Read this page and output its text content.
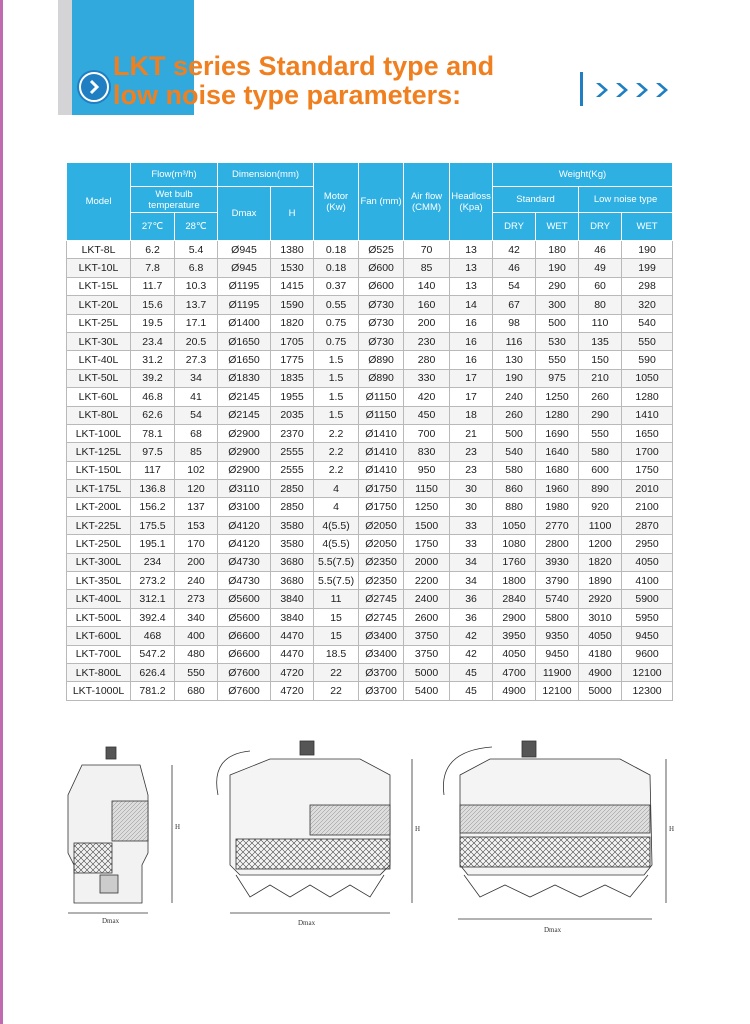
LKT series Standard type and
low noise type parameters:
Model	Flow(m³/h)		Dimension(mm)		Motor (Kw)	Fan (mm)	Air flow (CMM)	Headloss (Kpa)	Weight(Kg)			
	Wet bulb temperature		Dmax	H					Standard		Low noise type	
	27℃	28℃							DRY	WET	DRY	WET
LKT-8L	6.2	5.4	Ø945	1380	0.18	Ø525	70	13	42	180	46	190
LKT-10L	7.8	6.8	Ø945	1530	0.18	Ø600	85	13	46	190	49	199
LKT-15L	11.7	10.3	Ø1195	1415	0.37	Ø600	140	13	54	290	60	298
LKT-20L	15.6	13.7	Ø1195	1590	0.55	Ø730	160	14	67	300	80	320
LKT-25L	19.5	17.1	Ø1400	1820	0.75	Ø730	200	16	98	500	110	540
LKT-30L	23.4	20.5	Ø1650	1705	0.75	Ø730	230	16	116	530	135	550
LKT-40L	31.2	27.3	Ø1650	1775	1.5	Ø890	280	16	130	550	150	590
LKT-50L	39.2	34	Ø1830	1835	1.5	Ø890	330	17	190	975	210	1050
LKT-60L	46.8	41	Ø2145	1955	1.5	Ø1150	420	17	240	1250	260	1280
LKT-80L	62.6	54	Ø2145	2035	1.5	Ø1150	450	18	260	1280	290	1410
LKT-100L	78.1	68	Ø2900	2370	2.2	Ø1410	700	21	500	1690	550	1650
LKT-125L	97.5	85	Ø2900	2555	2.2	Ø1410	830	23	540	1640	580	1700
LKT-150L	117	102	Ø2900	2555	2.2	Ø1410	950	23	580	1680	600	1750
LKT-175L	136.8	120	Ø3110	2850	4	Ø1750	1150	30	860	1960	890	2010
LKT-200L	156.2	137	Ø3100	2850	4	Ø1750	1250	30	880	1980	920	2100
LKT-225L	175.5	153	Ø4120	3580	4(5.5)	Ø2050	1500	33	1050	2770	1100	2870
LKT-250L	195.1	170	Ø4120	3580	4(5.5)	Ø2050	1750	33	1080	2800	1200	2950
LKT-300L	234	200	Ø4730	3680	5.5(7.5)	Ø2350	2000	34	1760	3930	1820	4050
LKT-350L	273.2	240	Ø4730	3680	5.5(7.5)	Ø2350	2200	34	1800	3790	1890	4100
LKT-400L	312.1	273	Ø5600	3840	11	Ø2745	2400	36	2840	5740	2920	5900
LKT-500L	392.4	340	Ø5600	3840	15	Ø2745	2600	36	2900	5800	3010	5950
LKT-600L	468	400	Ø6600	4470	15	Ø3400	3750	42	3950	9350	4050	9450
LKT-700L	547.2	480	Ø6600	4470	18.5	Ø3400	3750	42	4050	9450	4180	9600
LKT-800L	626.4	550	Ø7600	4720	22	Ø3700	5000	45	4700	11900	4900	12100
LKT-1000L	781.2	680	Ø7600	4720	22	Ø3700	5400	45	4900	12100	5000	12300
Dmax
H
Dmax
H
Dmax
H
